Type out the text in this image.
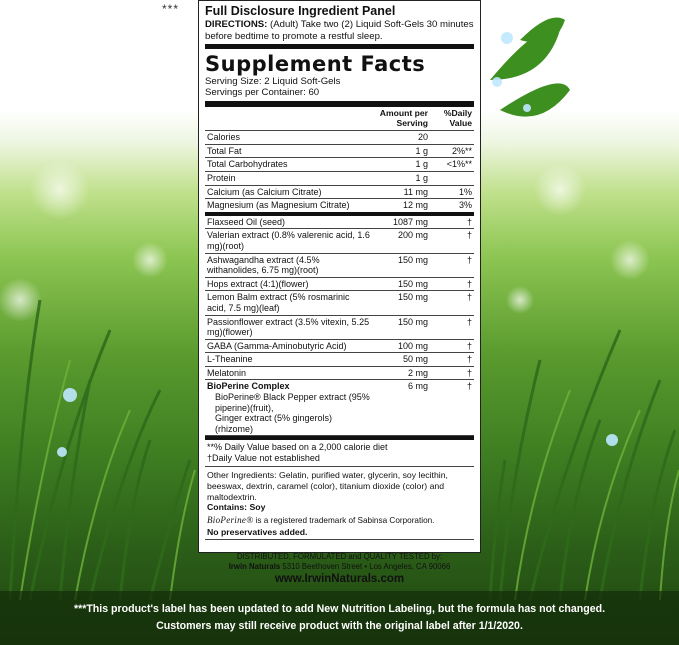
*** Full Disclosure Ingredient Panel
DIRECTIONS: (Adult) Take two (2) Liquid Soft-Gels 30 minutes before bedtime to promote a restful sleep.
Supplement Facts
Serving Size: 2 Liquid Soft-Gels
Servings per Container: 60
	Amount per Serving	%Daily Value
Calories	20	
Total Fat	1 g	2%**
Total Carbohydrates	1 g	<1%**
Protein	1 g	
Calcium (as Calcium Citrate)	11 mg	1%
Magnesium (as Magnesium Citrate)	12 mg	3%
Flaxseed Oil (seed)	1087 mg	†
Valerian extract (0.8% valerenic acid, 1.6 mg)(root)	200 mg	†
Ashwagandha extract (4.5% withanolides, 6.75 mg)(root)	150 mg	†
Hops extract (4:1)(flower)	150 mg	†
Lemon Balm extract (5% rosmarinic acid, 7.5 mg)(leaf)	150 mg	†
Passionflower extract (3.5% vitexin, 5.25 mg)(flower)	150 mg	†
GABA (Gamma-Aminobutyric Acid)	100 mg	†
L-Theanine	50 mg	†
Melatonin	2 mg	†
BioPerine Complex
BioPerine® Black Pepper extract (95% piperine)(fruit),
Ginger extract (5% gingerols)(rhizome)	6 mg	†
**% Daily Value based on a 2,000 calorie diet
†Daily Value not established
Other Ingredients: Gelatin, purified water, glycerin, soy lecithin, beeswax, dextrin, caramel (color), titanium dioxide (color) and maltodextrin.
Contains: Soy
BioPerine® is a registered trademark of Sabinsa Corporation.
No preservatives added.
DISTRIBUTED, FORMULATED and QUALITY TESTED by:
Irwin Naturals 5310 Beethoven Street • Los Angeles, CA 90066
www.IrwinNaturals.com
***This product's label has been updated to add New Nutrition Labeling, but the formula has not changed.
Customers may still receive product with the original label after 1/1/2020.
